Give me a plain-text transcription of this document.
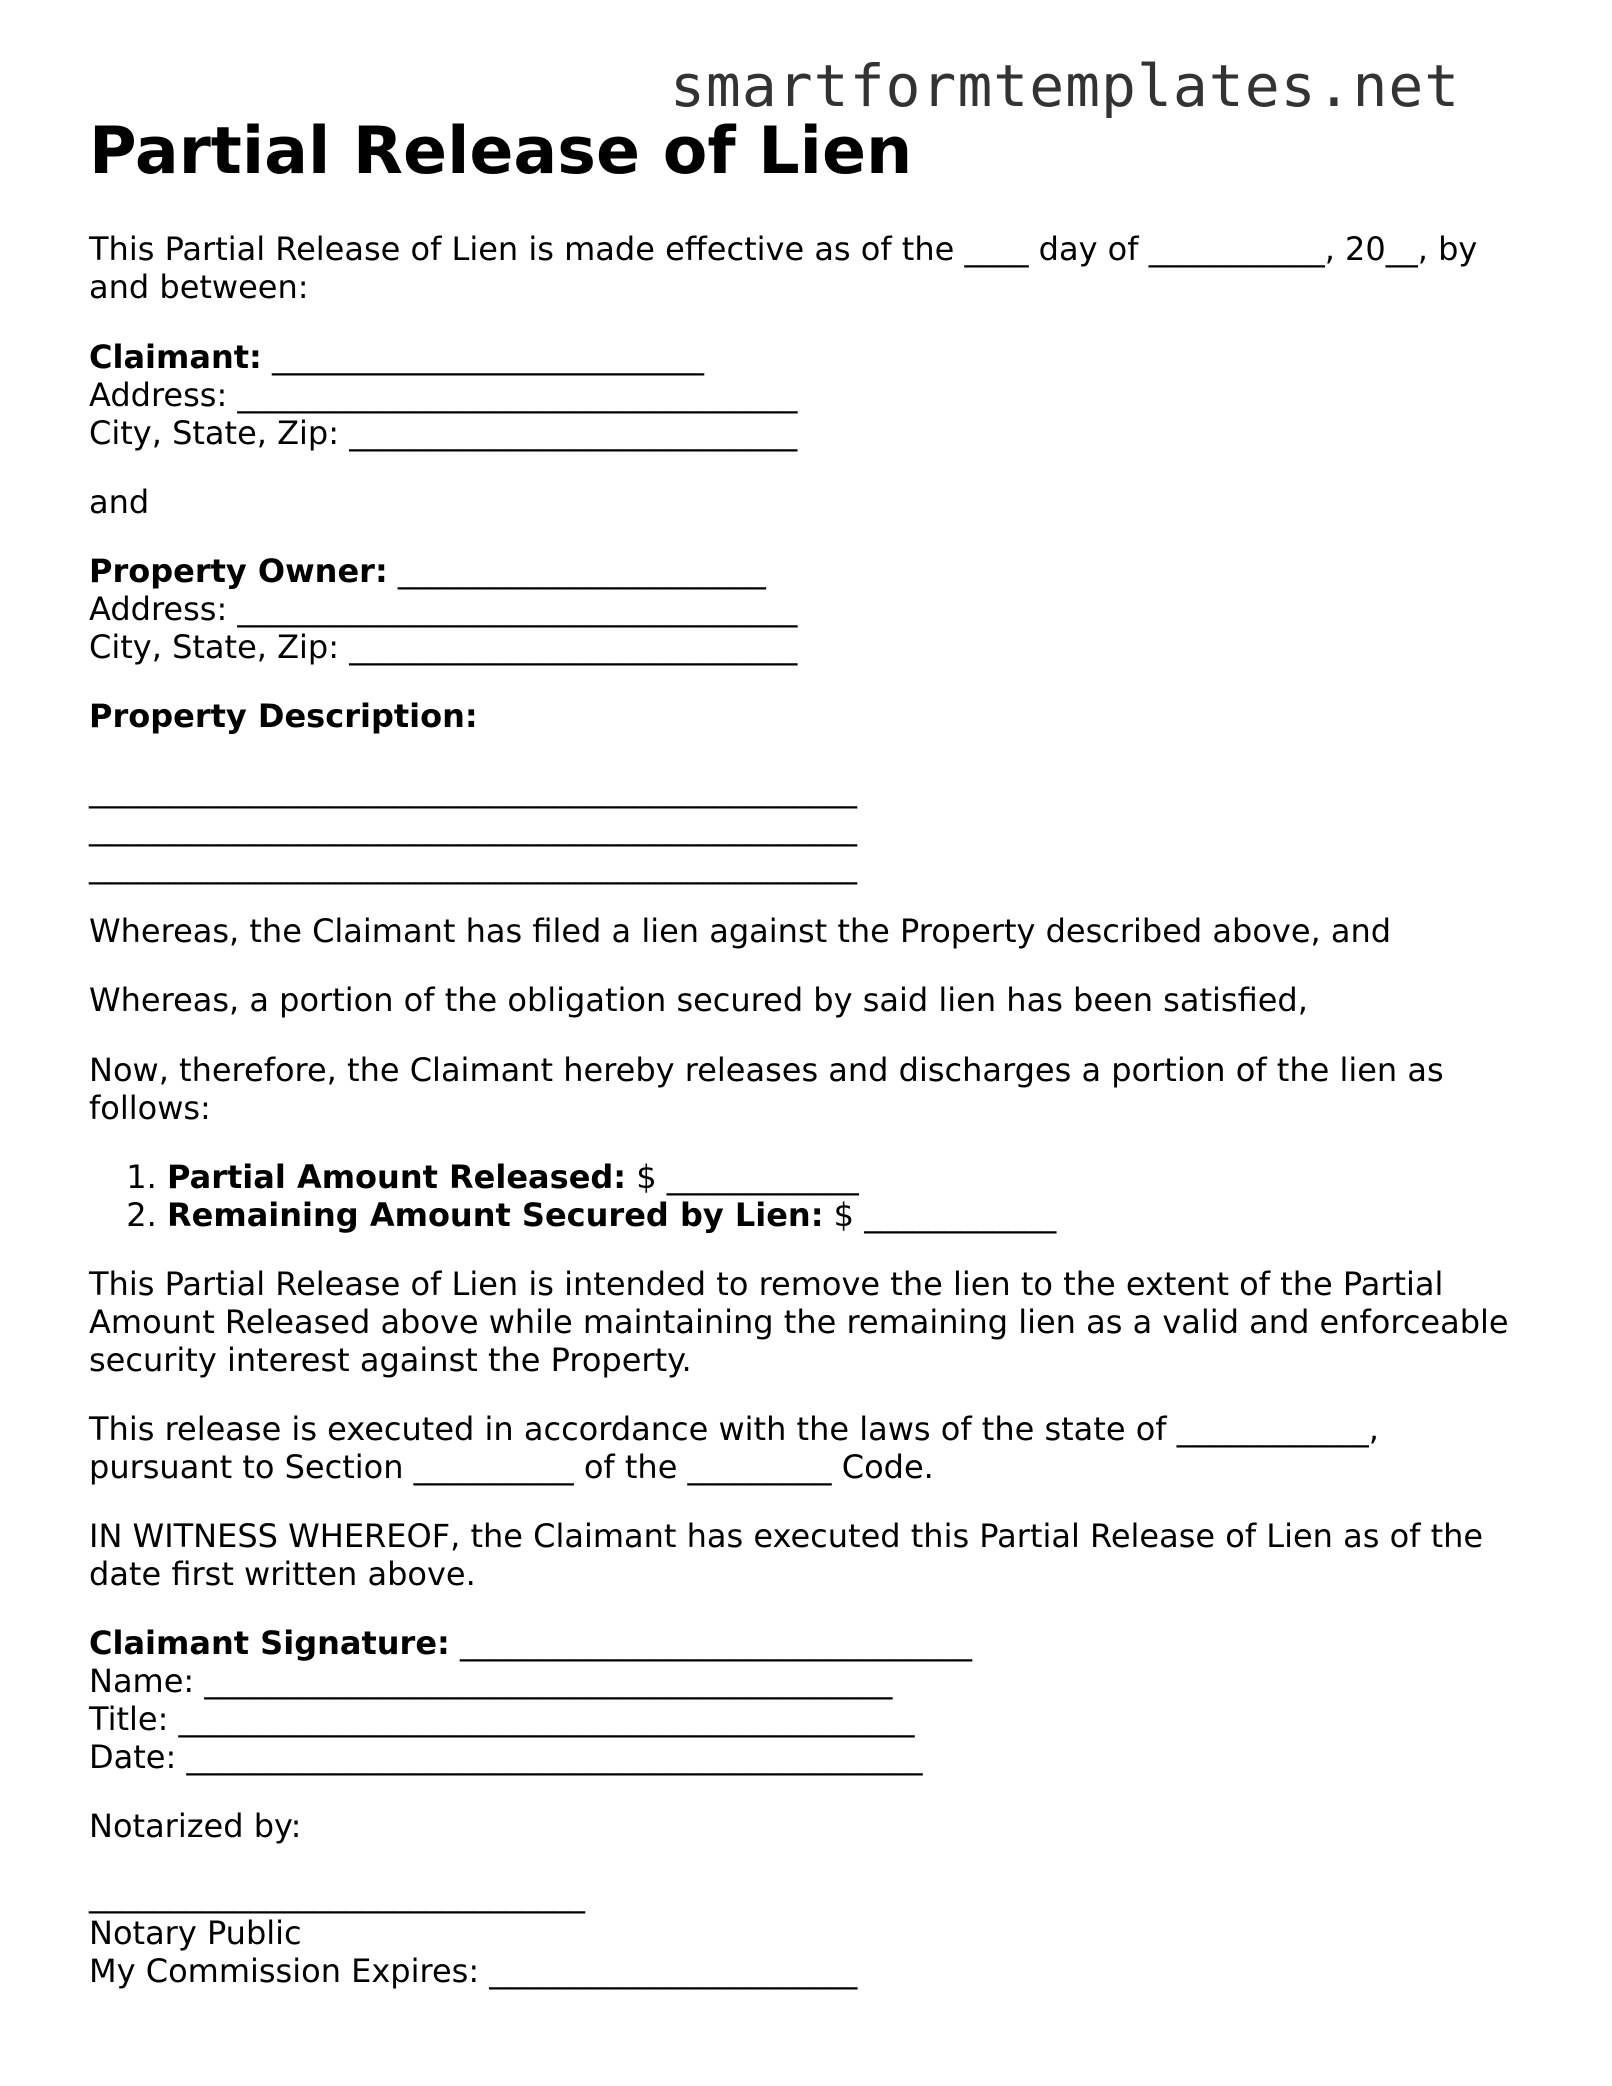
smartformtemplates.net
Partial Release of Lien

This Partial Release of Lien is made effective as of the ____ day of ___________, 20__, by and between:

Claimant: ___________________________
Address: ___________________________________
City, State, Zip: ____________________________

and

Property Owner: _______________________
Address: ___________________________________
City, State, Zip: ____________________________

Property Description:

________________________________________________
________________________________________________
________________________________________________

Whereas, the Claimant has filed a lien against the Property described above, and

Whereas, a portion of the obligation secured by said lien has been satisfied,

Now, therefore, the Claimant hereby releases and discharges a portion of the lien as follows:

1. Partial Amount Released: $ ____________
2. Remaining Amount Secured by Lien: $ ____________

This Partial Release of Lien is intended to remove the lien to the extent of the Partial Amount Released above while maintaining the remaining lien as a valid and enforceable security interest against the Property.

This release is executed in accordance with the laws of the state of ____________, pursuant to Section __________ of the _________ Code.

IN WITNESS WHEREOF, the Claimant has executed this Partial Release of Lien as of the date first written above.

Claimant Signature: ________________________________
Name: ___________________________________________
Title: ______________________________________________
Date: ______________________________________________

Notarized by:

_______________________________
Notary Public
My Commission Expires: _______________________
